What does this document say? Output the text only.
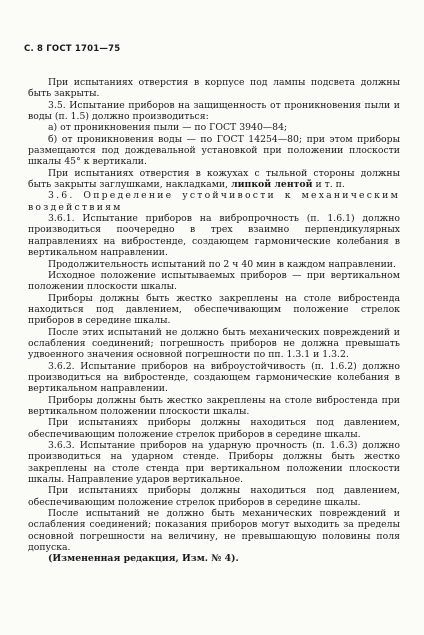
С. 8 ГОСТ 1701—75

При испытаниях отверстия в корпусе под лампы подсвета должны быть закрыты.

3.5. Испытание приборов на защищенность от проникновения пыли и воды (п. 1.5) должно производиться:

а) от проникновения пыли — по ГОСТ 3940—84;

б) от проникновения воды — по ГОСТ 14254—80; при этом приборы размещаются под дождевальной установкой при положении плоскости шкалы 45° к вертикали.

При испытаниях отверстия в кожухах с тыльной стороны должны быть закрыты заглушками, накладками, липкой лентой и т. п.

3.6. Определение устойчивости к механическим воздействиям

3.6.1. Испытание приборов на вибропрочность (п. 1.6.1) должно производиться поочередно в трех взаимно перпендикулярных направлениях на вибростенде, создающем гармонические колебания в вертикальном направлении.

Продолжительность испытаний по 2 ч 40 мин в каждом направлении.

Исходное положение испытываемых приборов — при вертикальном положении плоскости шкалы.

Приборы должны быть жестко закреплены на столе вибростенда находиться под давлением, обеспечивающим положение стрелок приборов в середине шкалы.

После этих испытаний не должно быть механических повреждений и ослабления соединений; погрешность приборов не должна превышать удвоенного значения основной погрешности по пп. 1.3.1 и 1.3.2.

3.6.2. Испытание приборов на виброустойчивость (п. 1.6.2) должно производиться на вибростенде, создающем гармонические колебания в вертикальном направлении.

Приборы должны быть жестко закреплены на столе вибростенда при вертикальном положении плоскости шкалы.

При испытаниях приборы должны находиться под давлением, обеспечивающим положение стрелок приборов в середине шкалы.

3.6.3. Испытание приборов на ударную прочность (п. 1.6.3) должно производиться на ударном стенде. Приборы должны быть жестко закреплены на столе стенда при вертикальном положении плоскости шкалы. Направление ударов вертикальное.

При испытаниях приборы должны находиться под давлением, обеспечивающим положение стрелок приборов в середине шкалы.

После испытаний не должно быть механических повреждений и ослабления соединений; показания приборов могут выходить за пределы основной погрешности на величину, не превышающую половины поля допуска.

(Измененная редакция, Изм. № 4).
